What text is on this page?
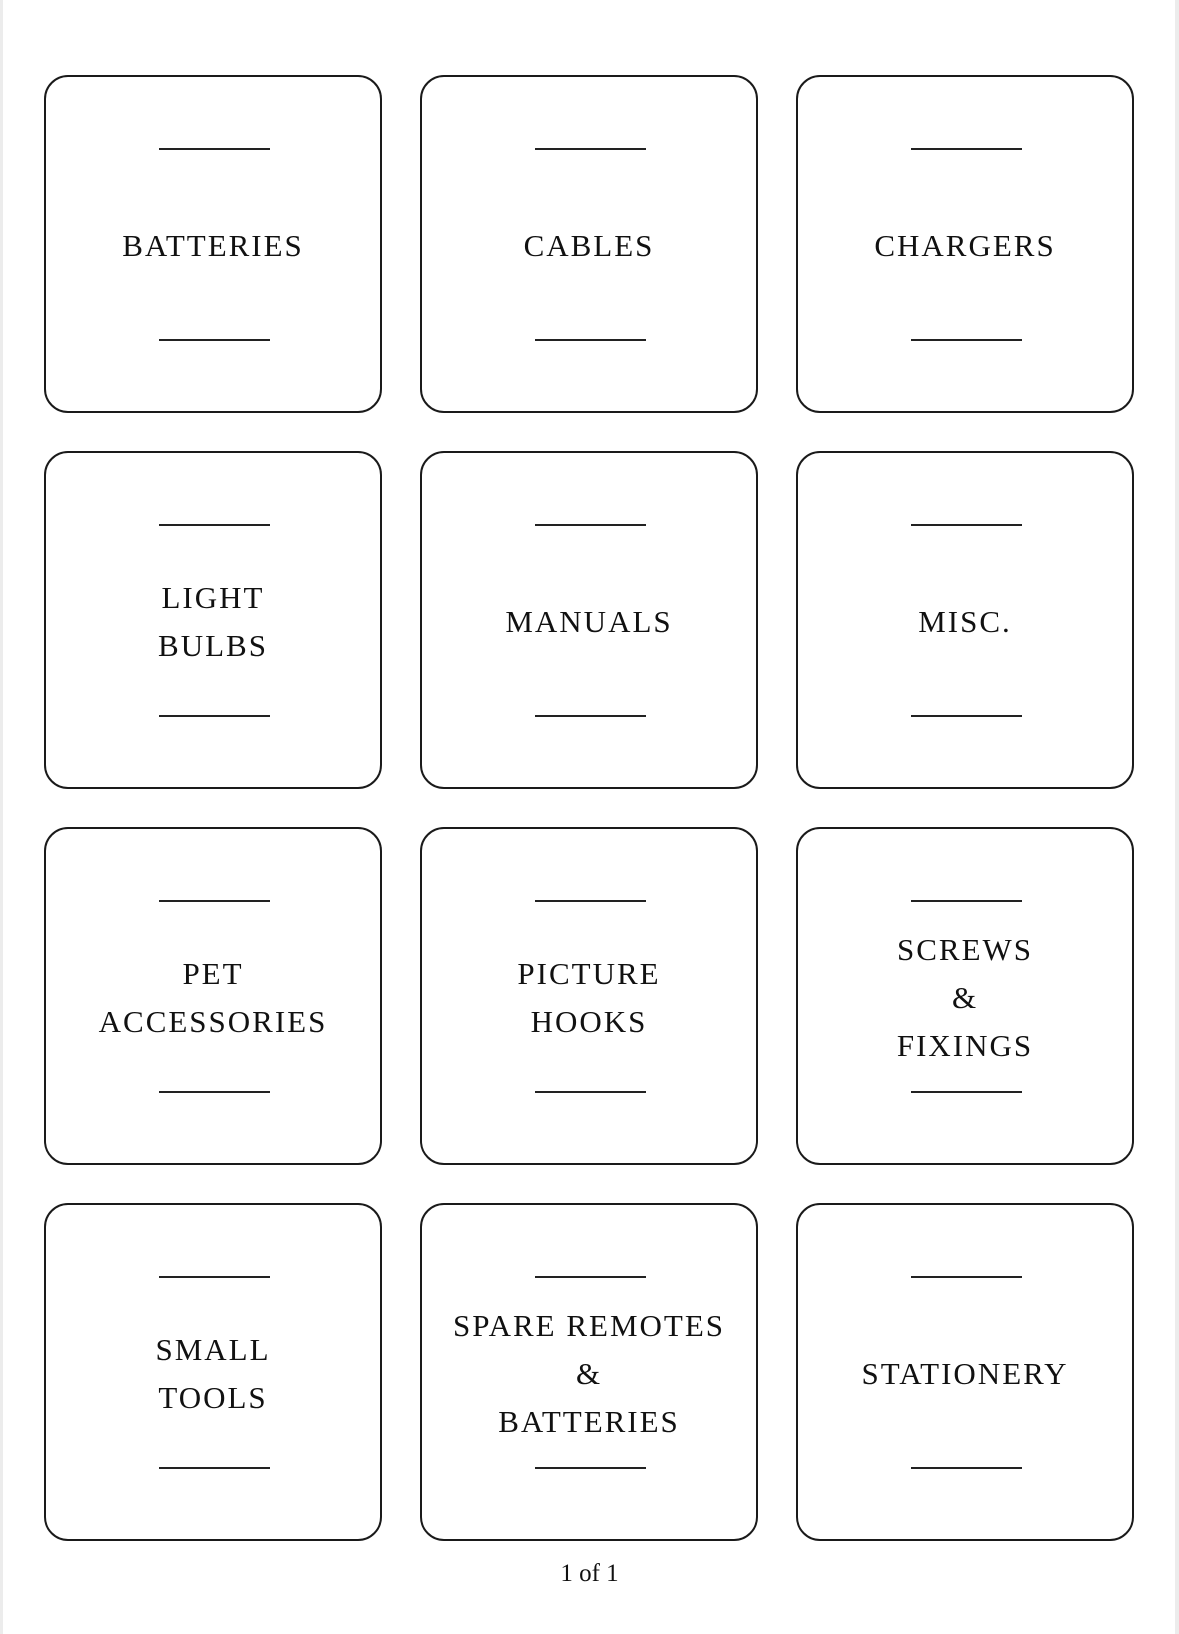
BATTERIES	CABLES	CHARGERS
LIGHT
BULBS
MANUALS	MISC.
PET
ACCESSORIES
PICTURE
HOOKS
SCREWS
&
FIXINGS
SMALL
TOOLS
SPARE REMOTES
&
BATTERIES
STATIONERY
1 of 1
